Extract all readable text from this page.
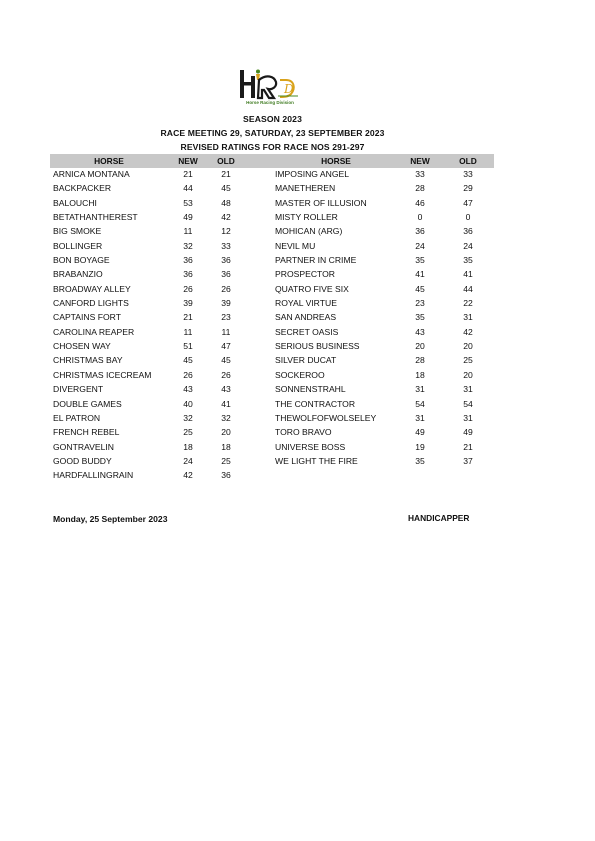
D
Horse Racing Division
SEASON 2023
RACE MEETING 29, SATURDAY, 23 SEPTEMBER 2023
REVISED RATINGS FOR RACE NOS 291-297
HORSE	NEW	OLD	HORSE	NEW	OLD
ARNICA MONTANA	21	21	IMPOSING ANGEL	33	33
BACKPACKER	44	45	MANETHEREN	28	29
BALOUCHI	53	48	MASTER OF ILLUSION	46	47
BETATHANTHEREST	49	42	MISTY ROLLER	0	0
BIG SMOKE	11	12	MOHICAN (ARG)	36	36
BOLLINGER	32	33	NEVIL MU	24	24
BON BOYAGE	36	36	PARTNER IN CRIME	35	35
BRABANZIO	36	36	PROSPECTOR	41	41
BROADWAY ALLEY	26	26	QUATRO FIVE SIX	45	44
CANFORD LIGHTS	39	39	ROYAL VIRTUE	23	22
CAPTAINS FORT	21	23	SAN ANDREAS	35	31
CAROLINA REAPER	11	11	SECRET OASIS	43	42
CHOSEN WAY	51	47	SERIOUS BUSINESS	20	20
CHRISTMAS BAY	45	45	SILVER DUCAT	28	25
CHRISTMAS ICECREAM	26	26	SOCKEROO	18	20
DIVERGENT	43	43	SONNENSTRAHL	31	31
DOUBLE GAMES	40	41	THE CONTRACTOR	54	54
EL PATRON	32	32	THEWOLFOFWOLSELEY	31	31
FRENCH REBEL	25	20	TORO BRAVO	49	49
GONTRAVELIN	18	18	UNIVERSE BOSS	19	21
GOOD BUDDY	24	25	WE LIGHT THE FIRE	35	37
HARDFALLINGRAIN	42	36
Monday, 25 September 2023	HANDICAPPER
